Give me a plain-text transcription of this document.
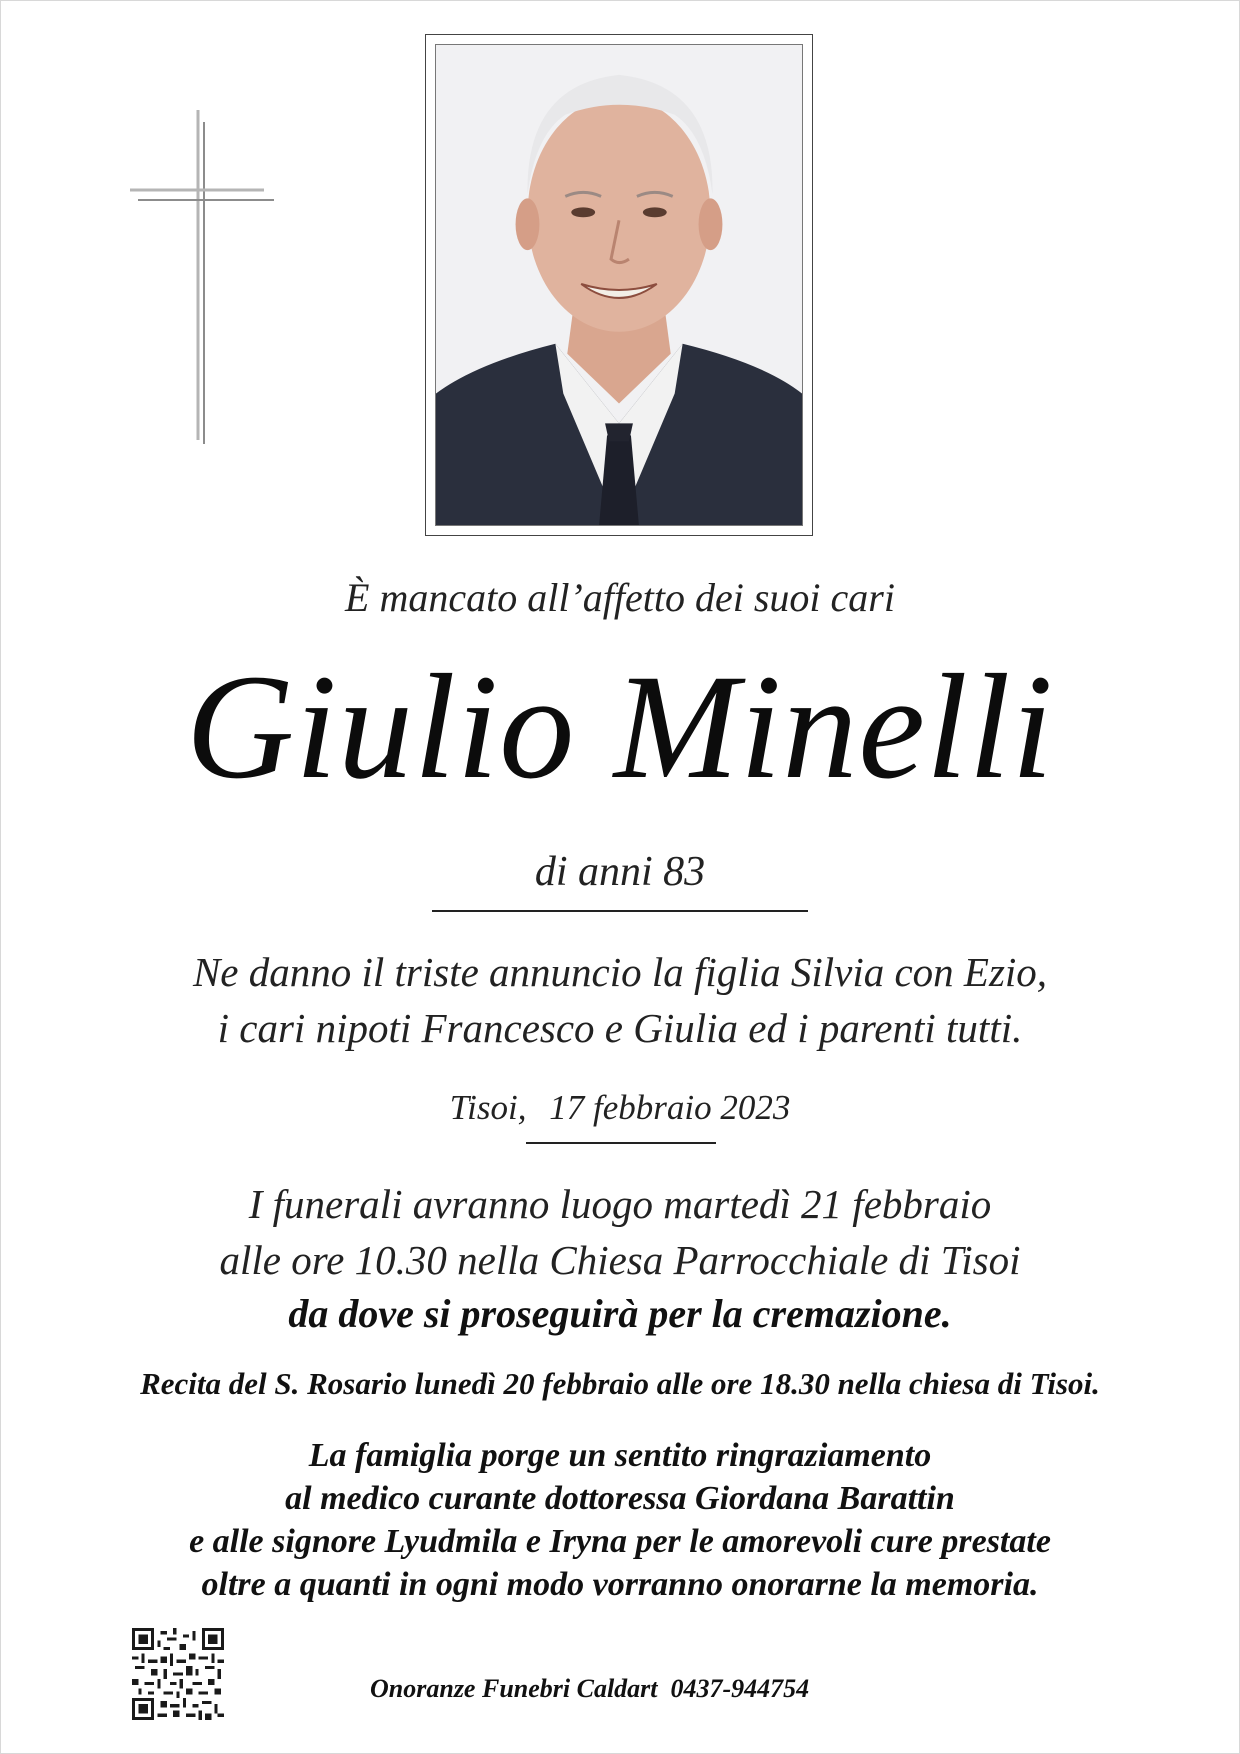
È mancato all’affetto dei suoi cari
Giulio Minelli
di anni 83
Ne danno il triste annuncio la figlia Silvia con Ezio,
i cari nipoti Francesco e Giulia ed i parenti tutti.
Tisoi, 17 febbraio 2023
I funerali avranno luogo martedì 21 febbraio
alle ore 10.30 nella Chiesa Parrocchiale di Tisoi
da dove si proseguirà per la cremazione.
Recita del S. Rosario lunedì 20 febbraio alle ore 18.30 nella chiesa di Tisoi.
La famiglia porge un sentito ringraziamento
al medico curante dottoressa Giordana Barattin
e alle signore Lyudmila e Iryna per le amorevoli cure prestate
oltre a quanti in ogni modo vorranno onorarne la memoria.
Onoranze Funebri Caldart  0437-944754
